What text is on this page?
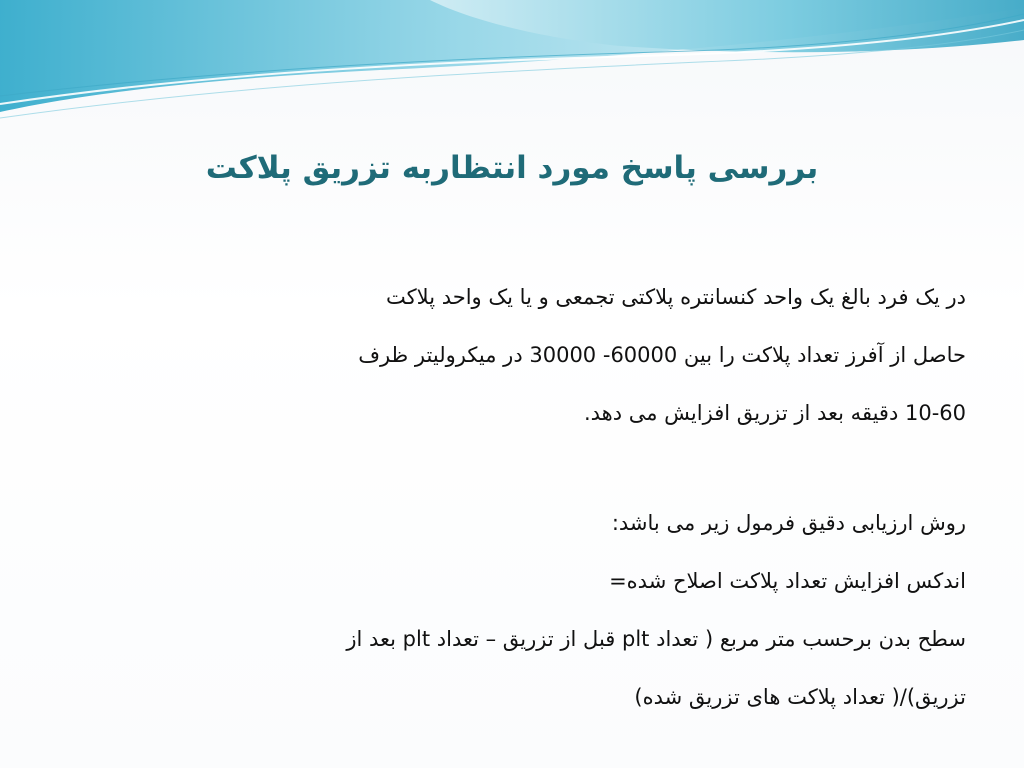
بررسی پاسخ مورد انتظاربه تزریق پلاکت
در یک فرد بالغ یک واحد کنسانتره پلاکتی تجمعی و یا یک واحد پلاکت
حاصل از آفرز تعداد پلاکت را بین 60000- 30000 در میکرولیتر ظرف
10-60 دقیقه بعد از تزریق افزایش می دهد.
روش ارزیابی دقیق فرمول زیر می باشد:
اندکس افزایش تعداد پلاکت اصلاح شده=
سطح بدن برحسب متر مربع ( تعداد plt قبل از تزریق – تعداد plt بعد از
تزریق)/( تعداد پلاکت های تزریق شده)
